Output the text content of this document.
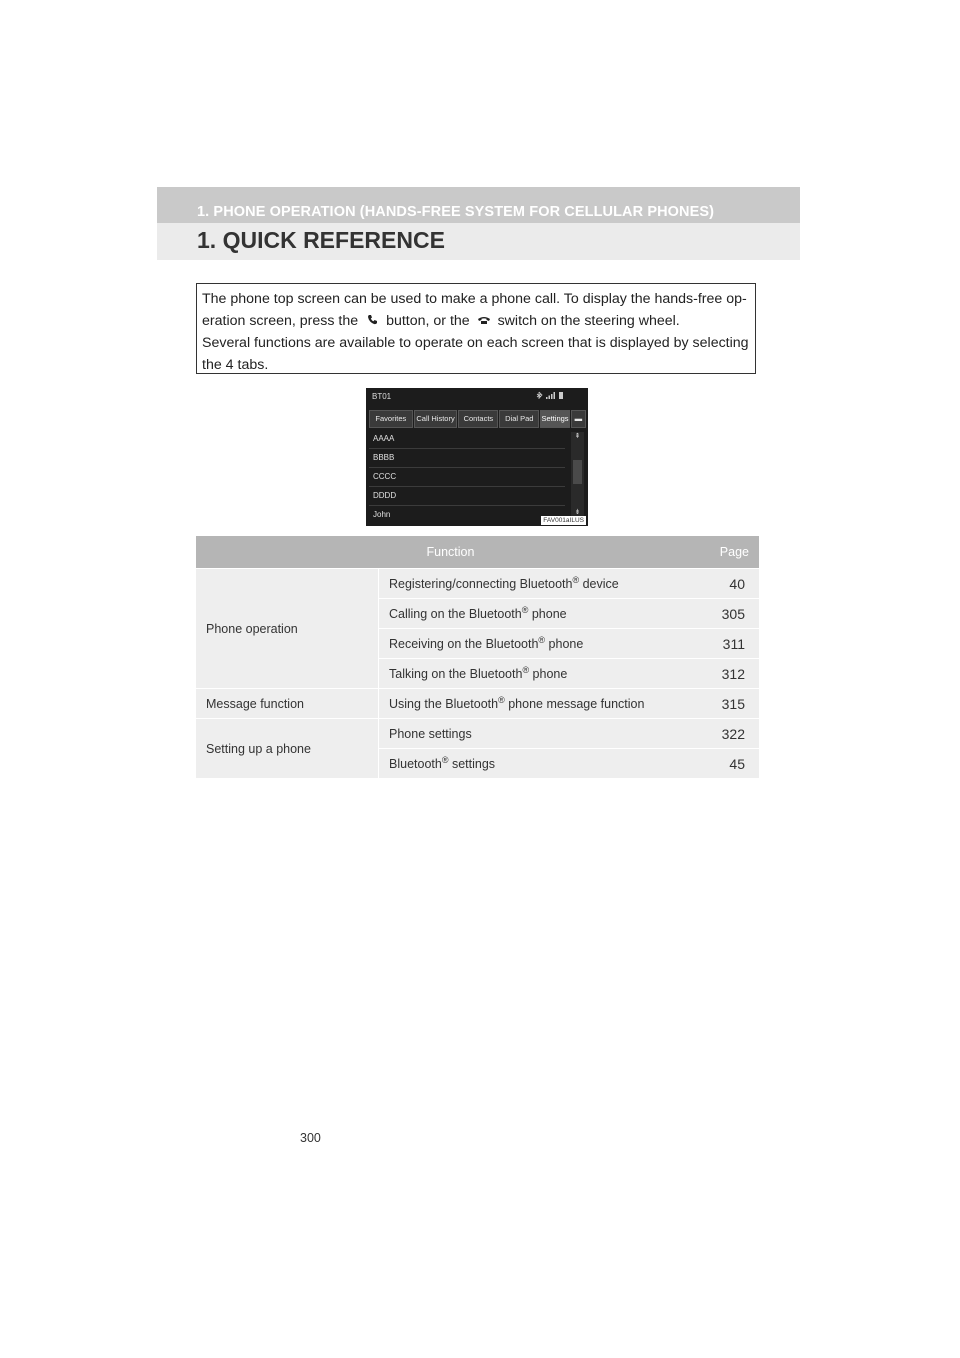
1. PHONE OPERATION (HANDS-FREE SYSTEM FOR CELLULAR PHONES)
1. QUICK REFERENCE

The phone top screen can be used to make a phone call. To display the hands-free op-
eration screen, press the button, or the switch on the steering wheel.

Several functions are available to operate on each screen that is displayed by selecting the 4 tabs.

BT01
Favorites	Call History	Contacts	Dial Pad	Settings ▬
AAAA
BBBB
CCCC
DDDD
John
⇞
⇟
FAV001aILUS
Function		Page
Phone operation	Registering/connecting Bluetooth® device	40
	Calling on the Bluetooth® phone	305
	Receiving on the Bluetooth® phone	311
	Talking on the Bluetooth® phone	312
Message function	Using the Bluetooth® phone message function	315
Setting up a phone	Phone settings	322
	Bluetooth® settings	45
300
